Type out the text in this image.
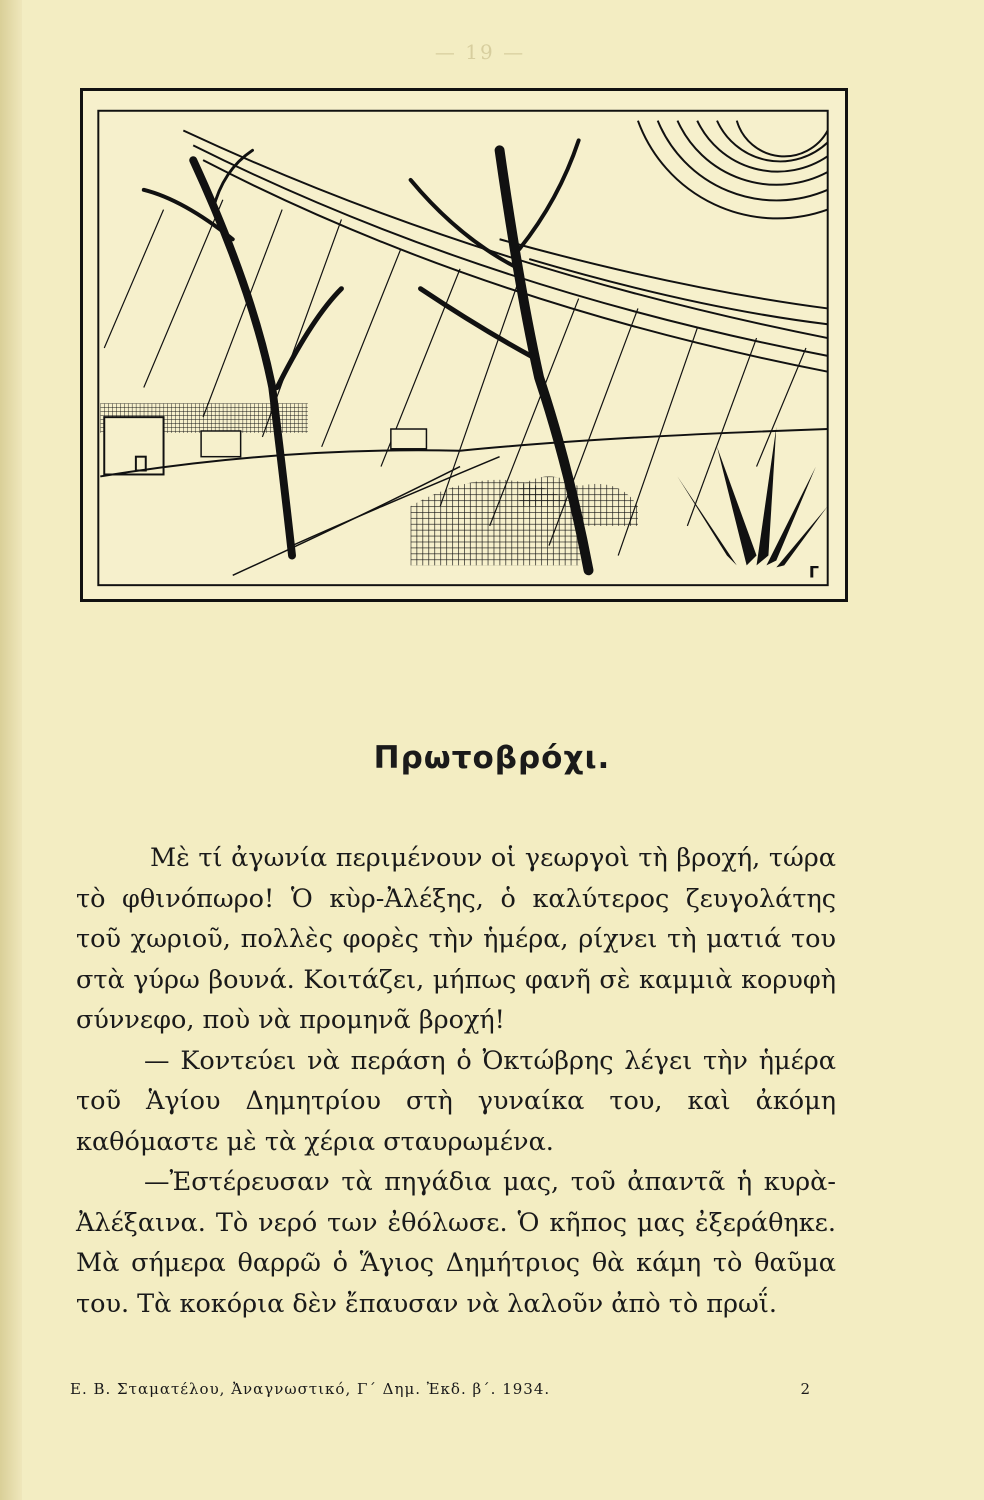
— 19 —
Γ
Πρωτοβρόχι.

Μὲ τί ἀγωνία περιμένουν οἱ γεωργοὶ τὴ βροχή, τώρα τὸ φθινόπωρο! Ὁ κὺρ-Ἀλέξης, ὁ καλύτερος ζευγολάτης τοῦ χωριοῦ, πολλὲς φορὲς τὴν ἡμέρα, ρίχνει τὴ ματιά του στὰ γύρω βουνά. Κοιτάζει, μήπως φανῆ σὲ καμμιὰ κορυφὴ σύννεφο, ποὺ νὰ προμηνᾶ βροχή!

— Κοντεύει νὰ περάση ὁ Ὀκτώβρης λέγει τὴν ἡμέρα τοῦ Ἁγίου Δημητρίου στὴ γυναίκα του, καὶ ἀκόμη καθόμαστε μὲ τὰ χέρια σταυρωμένα.

—Ἐστέρευσαν τὰ πηγάδια μας, τοῦ ἀπαντᾶ ἡ κυρὰ-Ἀλέξαινα. Τὸ νερό των ἐθόλωσε. Ὁ κῆπος μας ἐξεράθηκε. Μὰ σήμερα θαρρῶ ὁ Ἅγιος Δημήτριος θὰ κάμη τὸ θαῦμα του. Τὰ κοκόρια δὲν ἔπαυσαν νὰ λαλοῦν ἀπὸ τὸ πρωΐ.

Ε. Β. Σταματέλου, Ἀναγνωστικό, Γ΄ Δημ. Ἐκδ. β΄. 1934.	2
